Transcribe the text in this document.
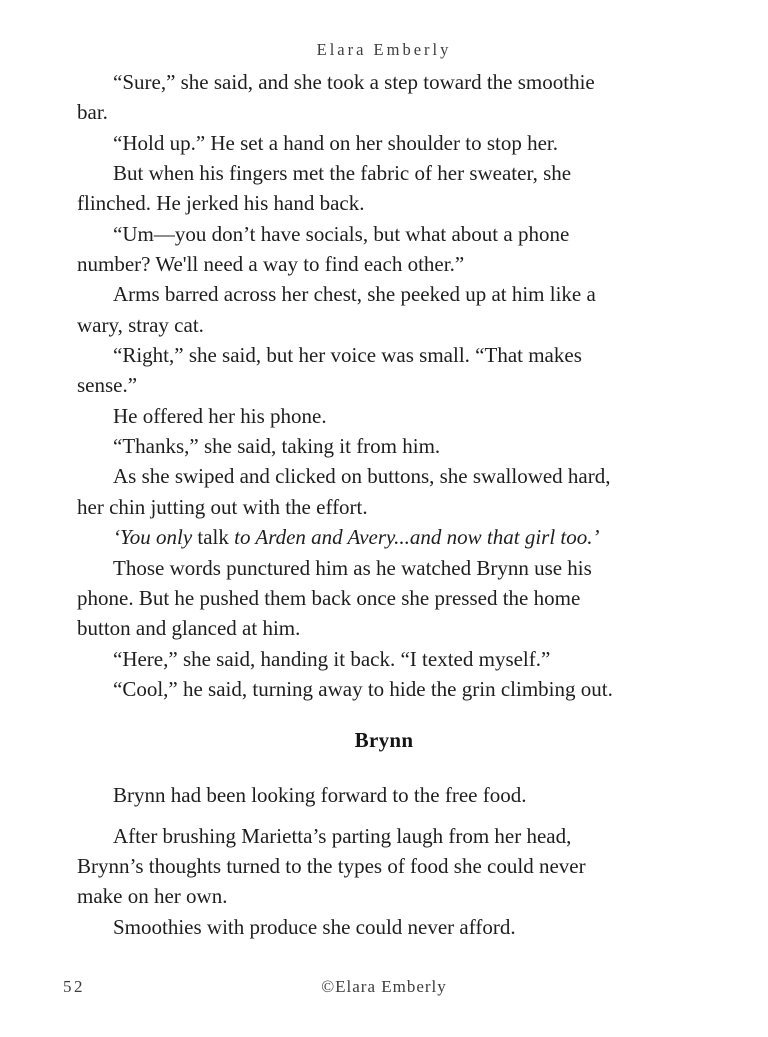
Elara Emberly
“Sure,” she said, and she took a step toward the smoothie
bar.
“Hold up.” He set a hand on her shoulder to stop her.
But when his fingers met the fabric of her sweater, she
flinched. He jerked his hand back.
“Um—you don’t have socials, but what about a phone
number? We'll need a way to find each other.”
Arms barred across her chest, she peeked up at him like a
wary, stray cat.
“Right,” she said, but her voice was small. “That makes
sense.”
He offered her his phone.
“Thanks,” she said, taking it from him.
As she swiped and clicked on buttons, she swallowed hard,
her chin jutting out with the effort.
‘You only talk to Arden and Avery...and now that girl too.’
Those words punctured him as he watched Brynn use his
phone. But he pushed them back once she pressed the home
button and glanced at him.
“Here,” she said, handing it back. “I texted myself.”
“Cool,” he said, turning away to hide the grin climbing out.
Brynn
Brynn had been looking forward to the free food.
After brushing Marietta’s parting laugh from her head,
Brynn’s thoughts turned to the types of food she could never
make on her own.
Smoothies with produce she could never afford.
52	©Elara Emberly
